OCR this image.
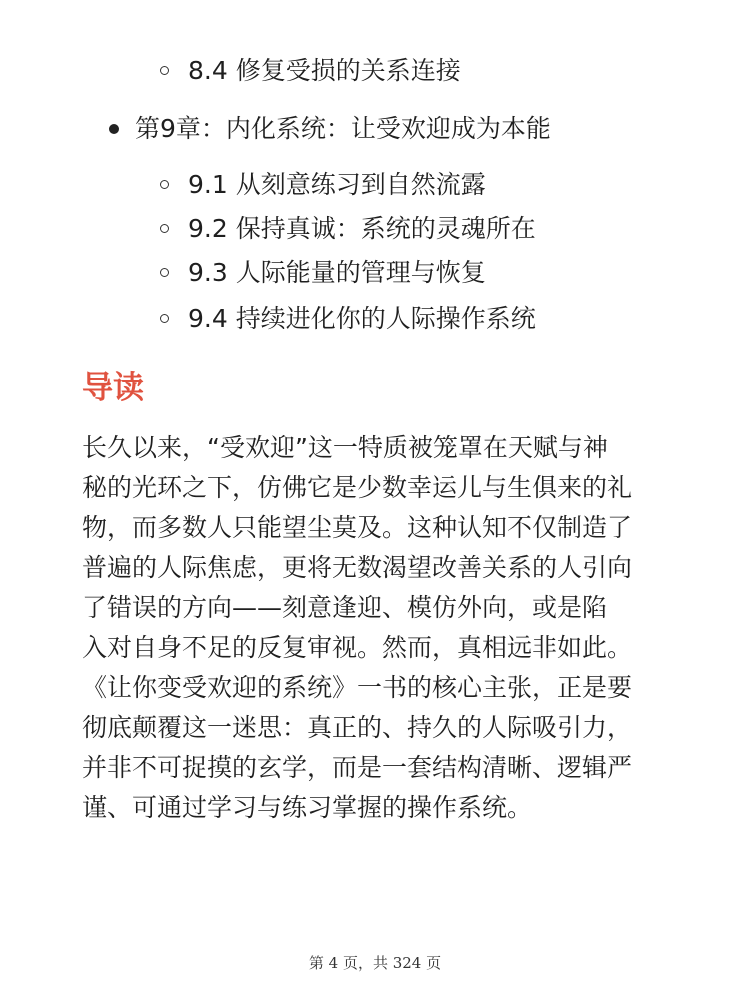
8.4 修复受损的关系连接
第9章：内化系统：让受欢迎成为本能
9.1 从刻意练习到自然流露
9.2 保持真诚：系统的灵魂所在
9.3 人际能量的管理与恢复
9.4 持续进化你的人际操作系统
导读
长久以来，“受欢迎”这一特质被笼罩在天赋与神
秘的光环之下，仿佛它是少数幸运儿与生俱来的礼
物，而多数人只能望尘莫及。这种认知不仅制造了
普遍的人际焦虑，更将无数渴望改善关系的人引向
了错误的方向——刻意逢迎、模仿外向，或是陷
入对自身不足的反复审视。然而，真相远非如此。
《让你变受欢迎的系统》一书的核心主张，正是要
彻底颠覆这一迷思：真正的、持久的人际吸引力，
并非不可捉摸的玄学，而是一套结构清晰、逻辑严
谨、可通过学习与练习掌握的操作系统。
第 4 页，共 324 页
